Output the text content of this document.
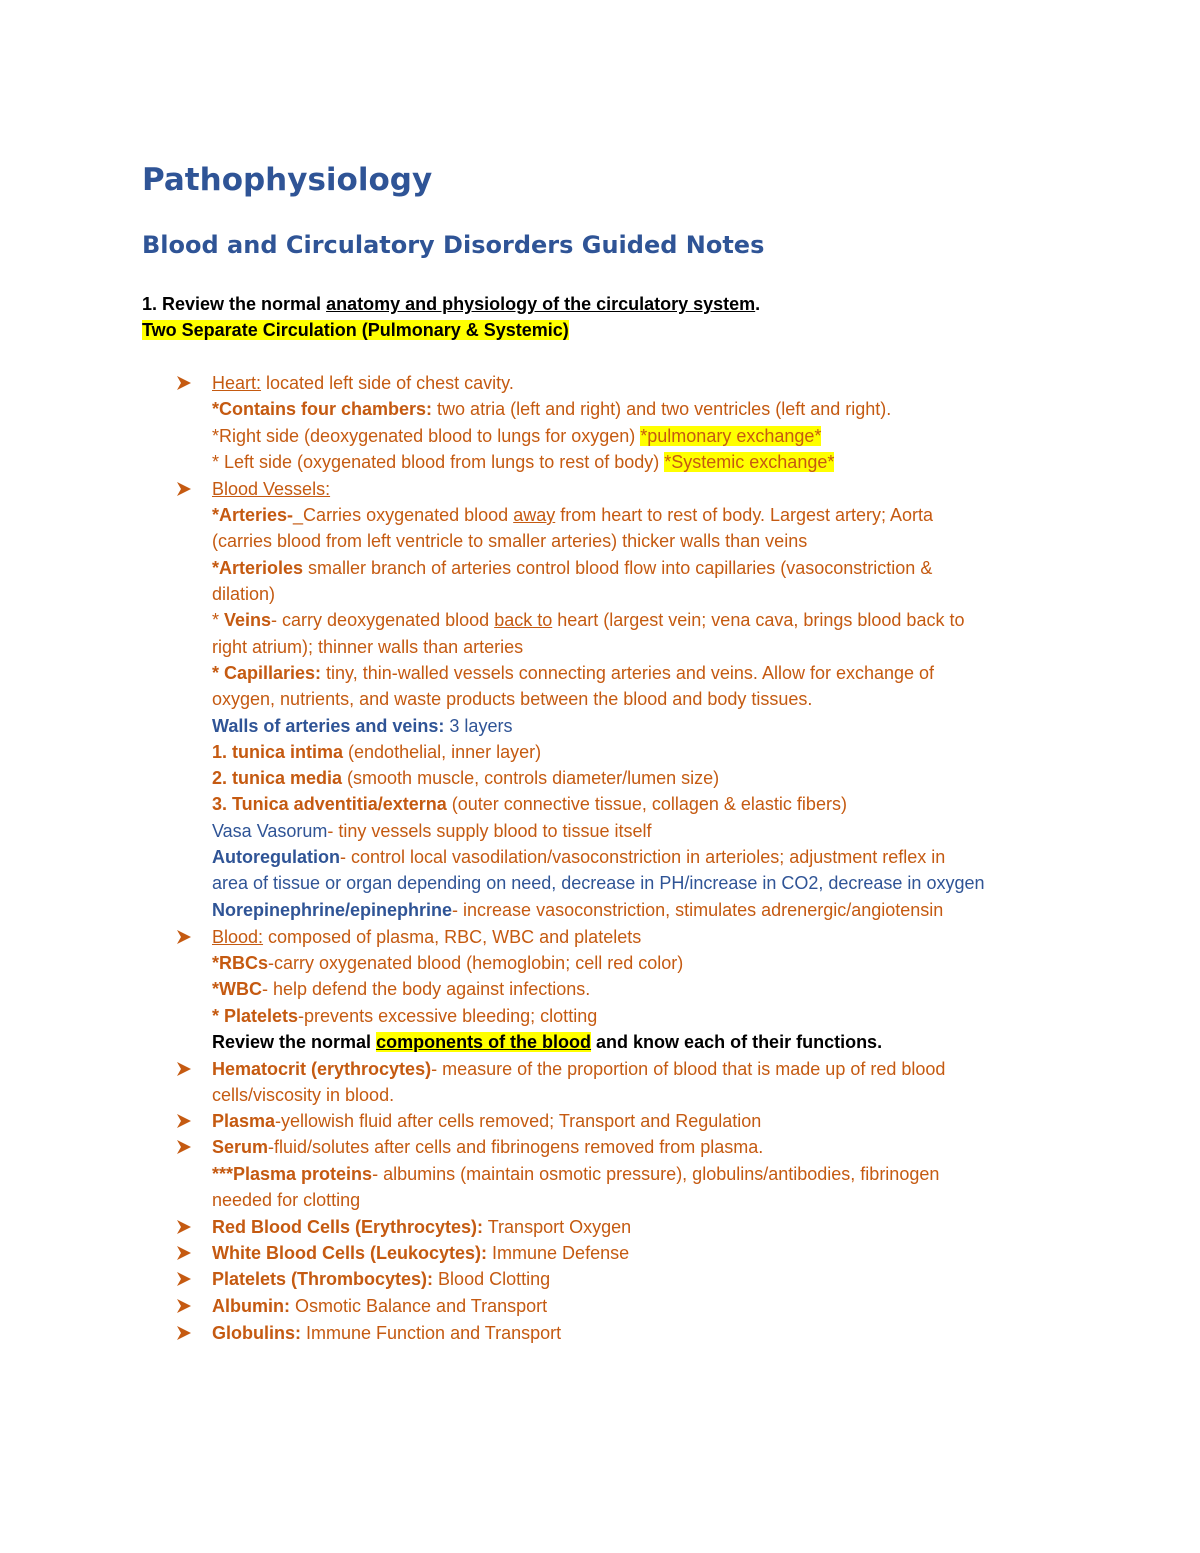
Pathophysiology
Blood and Circulatory Disorders Guided Notes
1. Review the normal anatomy and physiology of the circulatory system.
Two Separate Circulation (Pulmonary & Systemic)
Heart: located left side of chest cavity.
*Contains four chambers: two atria (left and right) and two ventricles (left and right).
*Right side (deoxygenated blood to lungs for oxygen) *pulmonary exchange*
* Left side (oxygenated blood from lungs to rest of body) *Systemic exchange*
Blood Vessels:
*Arteries-_Carries oxygenated blood away from heart to rest of body. Largest artery; Aorta
(carries blood from left ventricle to smaller arteries) thicker walls than veins
*Arterioles smaller branch of arteries control blood flow into capillaries (vasoconstriction &
dilation)
* Veins- carry deoxygenated blood back to heart (largest vein; vena cava, brings blood back to
right atrium); thinner walls than arteries
* Capillaries: tiny, thin-walled vessels connecting arteries and veins. Allow for exchange of
oxygen, nutrients, and waste products between the blood and body tissues.
Walls of arteries and veins: 3 layers
1. tunica intima (endothelial, inner layer)
2. tunica media (smooth muscle, controls diameter/lumen size)
3. Tunica adventitia/externa (outer connective tissue, collagen & elastic fibers)
Vasa Vasorum- tiny vessels supply blood to tissue itself
Autoregulation- control local vasodilation/vasoconstriction in arterioles; adjustment reflex in
area of tissue or organ depending on need, decrease in PH/increase in CO2, decrease in oxygen
Norepinephrine/epinephrine- increase vasoconstriction, stimulates adrenergic/angiotensin
Blood: composed of plasma, RBC, WBC and platelets
*RBCs-carry oxygenated blood (hemoglobin; cell red color)
*WBC- help defend the body against infections.
* Platelets-prevents excessive bleeding; clotting
Review the normal components of the blood and know each of their functions.
Hematocrit (erythrocytes)- measure of the proportion of blood that is made up of red blood
cells/viscosity in blood.
Plasma-yellowish fluid after cells removed; Transport and Regulation
Serum-fluid/solutes after cells and fibrinogens removed from plasma.
***Plasma proteins- albumins (maintain osmotic pressure), globulins/antibodies, fibrinogen
needed for clotting
Red Blood Cells (Erythrocytes): Transport Oxygen
White Blood Cells (Leukocytes): Immune Defense
Platelets (Thrombocytes): Blood Clotting
Albumin: Osmotic Balance and Transport
Globulins: Immune Function and Transport
